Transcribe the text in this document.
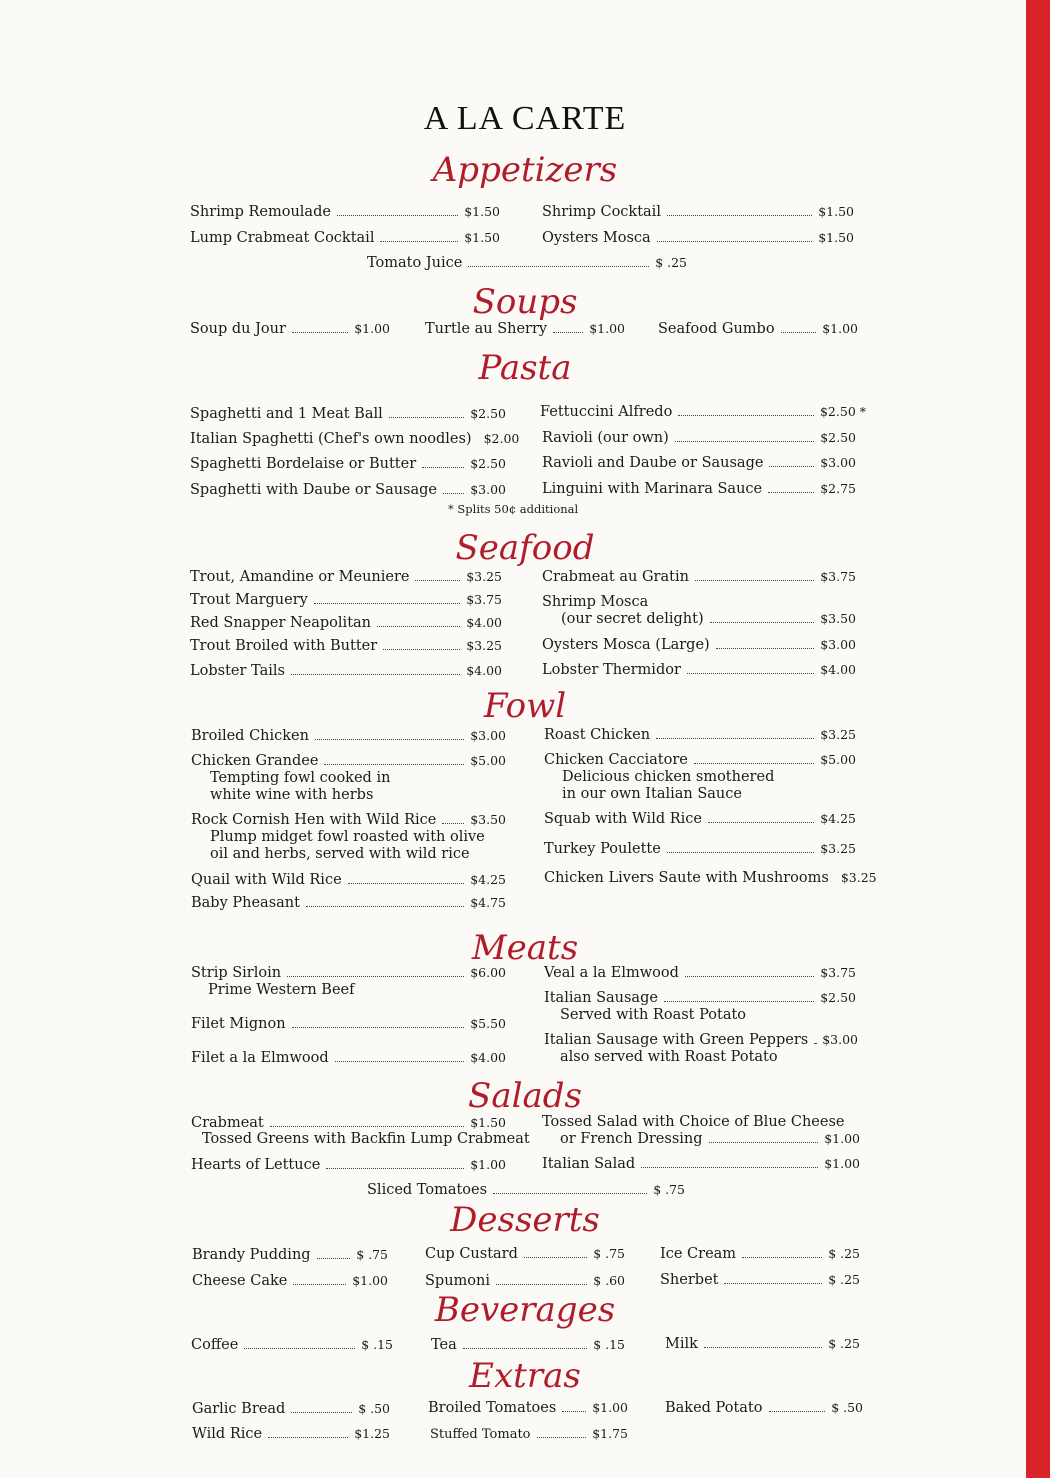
A LA CARTE
Appetizers
Soups
Pasta
Seafood
Fowl
Meats
Salads
Desserts
Beverages
Extras
Shrimp Remoulade	$1.50
Lump Crabmeat Cocktail	$1.50
Shrimp Cocktail	$1.50
Oysters Mosca	$1.50
Tomato Juice	$ .25
Soup du Jour	$1.00 Turtle au Sherry	$1.00 Seafood Gumbo	$1.00
Spaghetti and 1 Meat Ball	$2.50
Italian Spaghetti (Chef's own noodles) $2.00
Spaghetti Bordelaise or Butter	$2.50
Spaghetti with Daube or Sausage	$3.00
Fettuccini Alfredo	$2.50 *
Ravioli (our own)	$2.50
Ravioli and Daube or Sausage	$3.00
Linguini with Marinara Sauce	$2.75
* Splits 50¢ additional
Trout, Amandine or Meuniere	$3.25
Trout Marguery	$3.75
Red Snapper Neapolitan	$4.00
Trout Broiled with Butter	$3.25
Lobster Tails	$4.00
Crabmeat au Gratin	$3.75
Shrimp Mosca
(our secret delight)	$3.50
Oysters Mosca (Large)	$3.00
Lobster Thermidor	$4.00
Broiled Chicken	$3.00
Chicken Grandee	$5.00
Tempting fowl cooked in
white wine with herbs
Rock Cornish Hen with Wild Rice	$3.50
Plump midget fowl roasted with olive
oil and herbs, served with wild rice
Quail with Wild Rice	$4.25
Baby Pheasant	$4.75
Roast Chicken	$3.25
Chicken Cacciatore	$5.00
Delicious chicken smothered
in our own Italian Sauce
Squab with Wild Rice	$4.25
Turkey Poulette	$3.25
Chicken Livers Saute with Mushrooms $3.25
Strip Sirloin	$6.00
Prime Western Beef
Filet Mignon	$5.50
Filet a la Elmwood	$4.00
Veal a la Elmwood	$3.75
Italian Sausage	$2.50
Served with Roast Potato
Italian Sausage with Green Peppers $3.00
also served with Roast Potato
Crabmeat	$1.50
Tossed Greens with Backfin Lump Crabmeat
Hearts of Lettuce	$1.00
Tossed Salad with Choice of Blue Cheese
or French Dressing	$1.00
Italian Salad	$1.00
Sliced Tomatoes	$ .75
Brandy Pudding	$ .75
Cheese Cake	$1.00
Cup Custard	$ .75
Spumoni	$ .60
Ice Cream	$ .25
Sherbet	$ .25
Coffee	$ .15	Tea	$ .15	Milk	$ .25
Garlic Bread	$ .50
Wild Rice	$1.25
Broiled Tomatoes	$1.00
Stuffed Tomato	$1.75
Baked Potato	$ .50
